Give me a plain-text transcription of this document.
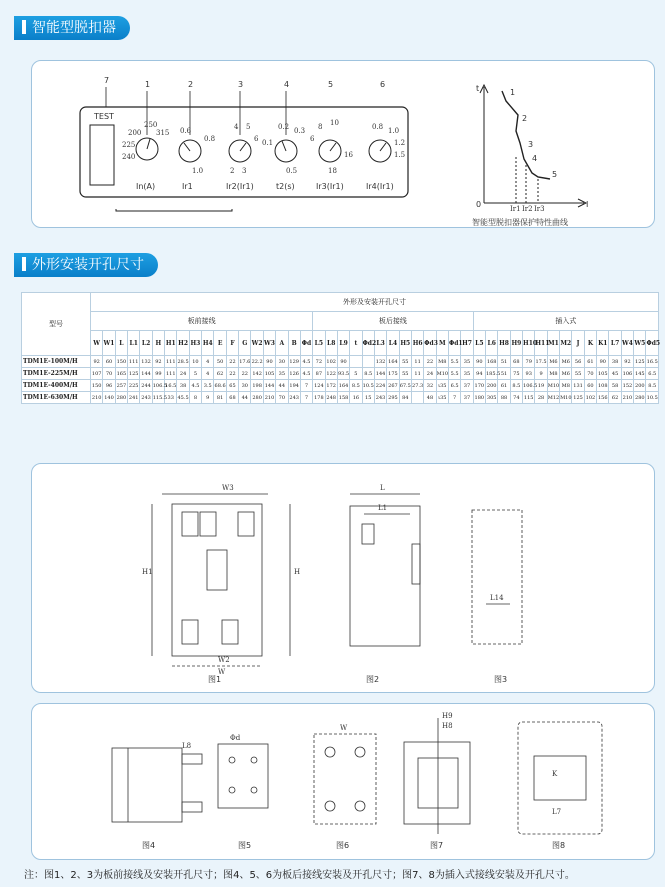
智能型脱扣器
TEST
7	1	2	3	4	5	6
250
315
200
240
225
In(A)
0.6
0.8
1.0
Ir1
4 5
6
2 3
Ir2(Ir1)
0.2 0.3
0.1
0.5
t2(s)
8 10
6
16
18
Ir3(Ir1)
0.8 1.0
1.2
1.5
Ir4(Ir1)
t
I
0	Ir1 Ir2 Ir3
1
2
3
4
5
智能型脱扣器保护特性曲线
外形安装开孔尺寸
型号	外形及安装开孔尺寸																																													
	板前接线																		板后接线													插入式														
	W	W1	L	L1	L2	H	H1	H2	H3	H4	E	F	G	W2	W3	A	B	Φd	L5	L8	L9	t	Φd2	L3	L4	H5	H6	Φd3	M	Φd1	H7	L5	L6	H8	H9	H10	H11	M1	M2	J	K	K1	L7	W4	W5	Φd5
TDM1E-100M/H	92	60	150	111	132	92	111	28.5	10	4	50	22	17.6	22.2	90	30	129	4.5	72	102	90			132	164	55	11	22	M8	5.5	35	90	168	51	68	79	17.5	M6	M6	56	61	90	38	92	125	16.5
TDM1E-225M/H	107	70	165	125	144	99	111	24	5	4	62	22	22	142	105	35	126	4.5	87	122	93.5	5	8.5	144	175	55	11	24	M10	5.5	35	94	185.5	51	75	93	9	M8	M6	55	70	105	45	106	145	6.5
TDM1E-400M/H	150	96	257	225	244	106.5	16.5	38	4.5	3.5	68.6	65	30	198	144	44	194	7	124	172	164	8.5	10.5	224	267	67.5	27.3	32	ι35	6.5	37	170	200	61	8.5	106.5	19	M10	M8	131	60	108	58	152	200	8.5
TDM1E-630M/H	210	140	280	241	243	115.5	33	45.5	8	9	81	68	44	280	210	70	243	7	178	248	158	16	15	243	295	84		48	ι35	7	37	180	305	88	74	115	28	M12	M10	125	102	156	62	210	280	10.5
W3
W2
W
H1	H
L1
L
L14
图1	图2	图3
L8
Φd
W
H9
H8
K
L7
图4	图5	图6	图7	图8
注：图1、2、3为板前接线及安装开孔尺寸；图4、5、6为板后接线安装及开孔尺寸；图7、8为插入式接线安装及开孔尺寸。
